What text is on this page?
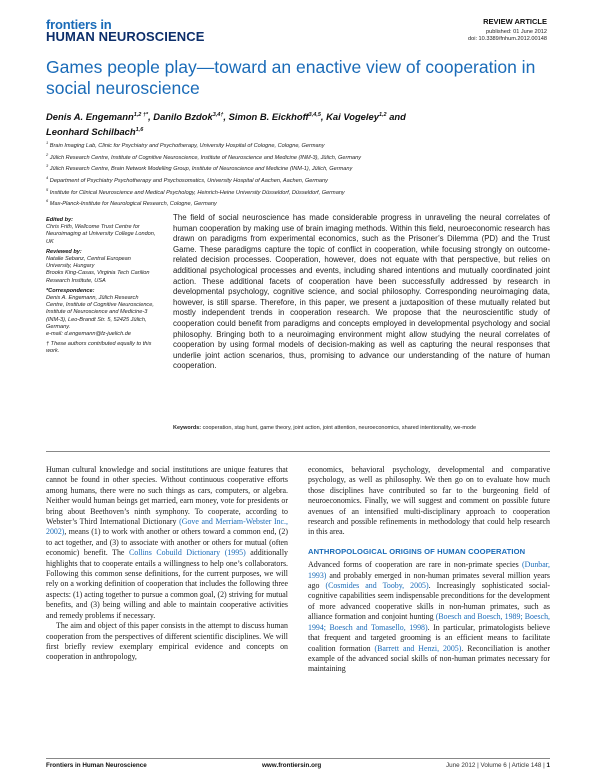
frontiers in
HUMAN NEUROSCIENCE
REVIEW ARTICLE
published: 01 June 2012
doi: 10.3389/fnhum.2012.00148
Games people play—toward an enactive view of cooperation in social neuroscience
Denis A. Engemann$^{1,2 \dagger*}$, Danilo Bzdok$^{3,4\dagger}$, Simon B. Eickhoff$^{3,4,5}$, Kai Vogeley$^{1,2}$ and
Leonhard Schilbach$^{1,6}$
$^1$ Brain Imaging Lab, Clinic for Psychiatry and Psychotherapy, University Hospital of Cologne, Cologne, Germany
$^2$ Jülich Research Centre, Institute of Cognitive Neuroscience, Institute of Neuroscience and Medicine (INM-3), Jülich, Germany
$^3$ Jülich Research Centre, Brain Network Modelling Group, Institute of Neuroscience and Medicine (INM-1), Jülich, Germany
$^4$ Department of Psychiatry Psychotherapy and Psychosomatics, University Hospital of Aachen, Aachen, Germany
$^5$ Institute for Clinical Neuroscience and Medical Psychology, Heinrich-Heine University Düsseldorf, Düsseldorf, Germany
$^6$ Max-Planck-Institute for Neurological Research, Cologne, Germany
Edited by:
Chris Frith, Wellcome Trust Centre for Neuroimaging at University College London, UK
Reviewed by:
Natalie Sebanz, Central European University, Hungary
Brooks King-Casas, Virginia Tech Carilion Research Institute, USA
*Correspondence:
Denis A. Engemann, Jülich Research Centre, Institute of Cognitive Neuroscience, Institute of Neuroscience and Medicine-3 (INM-3), Leo-Brandt Str. 5, 52425 Jülich, Germany.
e-mail: d.engemann@fz-juelich.de
† These authors contributed equally to this work.
The field of social neuroscience has made considerable progress in unraveling the neural correlates of human cooperation by making use of brain imaging methods. Within this field, neuroeconomic research has drawn on paradigms from experimental economics, such as the Prisoner’s Dilemma (PD) and the Trust Game. These paradigms capture the topic of conflict in cooperation, while focusing strongly on outcome-related decision processes. Cooperation, however, does not equate with that perspective, but relies on additional psychological processes and events, including shared intentions and mutually coordinated joint action. These additional facets of cooperation have been successfully addressed by research in developmental psychology, cognitive science, and social philosophy. Corresponding neuroimaging data, however, is still sparse. Therefore, in this paper, we present a juxtaposition of these mutually related but mostly independent trends in cooperation research. We propose that the neuroscientific study of cooperation could benefit from paradigms and concepts employed in developmental psychology and social philosophy. Bringing both to a neuroimaging environment might allow studying the neural correlates of cooperation by using formal models of decision-making as well as capturing the neural responses that underlie joint action scenarios, thus, promising to advance our understanding of the nature of human cooperation.
Keywords: cooperation, stag hunt, game theory, joint action, joint attention, neuroeconomics, shared intentionality, we-mode

Human cultural knowledge and social institutions are unique features that cannot be found in other species. Without continuous cooperative efforts among humans, there were no such things as cars, computers, or algebra. Neither would human beings get married, earn money, vote for presidents or bring about Beethoven’s ninth symphony. To cooperate, according to Webster’s Third International Dictionary (Gove and Merriam-Webster Inc., 2002), means (1) to work with another or others toward a common end, (2) to act together, and (3) to associate with another or others for mutual (often economic) benefit. The Collins Cobuild Dictionary (1995) additionally highlights that to cooperate entails a willingness to help one’s collaborators. Following this common sense definitions, for the current purposes, we will rely on a working definition of cooperation that includes the following three aspects: (1) acting together to pursue a common goal, (2) striving for mutual benefits, and (3) being willing and able to maintain cooperative activities and remedy problems if necessary.

The aim and object of this paper consists in the attempt to discuss human cooperation from the perspectives of different scientific disciplines. We will first briefly review exemplary empirical evidence and concepts on cooperation in anthropology,

economics, behavioral psychology, developmental and comparative psychology, as well as philosophy. We then go on to evaluate how much those disciplines have contributed so far to the burgeoning field of neuroeconomics. Finally, we will suggest and comment on possible future avenues of an intensified multi-disciplinary approach to cooperation research and possible refinements in methodology that could help research in this area.

ANTHROPOLOGICAL ORIGINS OF HUMAN COOPERATION

Advanced forms of cooperation are rare in non-primate species (Dunbar, 1993) and probably emerged in non-human primates several million years ago (Cosmides and Tooby, 2005). Increasingly sophisticated social-cognitive capabilities seem indispensable preconditions for the development of more advanced cooperative skills in non-human primates, such as alliance formation and conjoint hunting (Boesch and Boesch, 1989; Boesch, 1994; Boesch and Tomasello, 1998). In particular, primatologists believe that frequent and targeted grooming is an efficient means to facilitate coalition formation (Barrett and Henzi, 2005). Reconciliation is another example of the advanced social skills of non-human primates necessary for maintaining

Frontiers in Human Neuroscience	www.frontiersin.org	June 2012 | Volume 6 | Article 148 | 1
